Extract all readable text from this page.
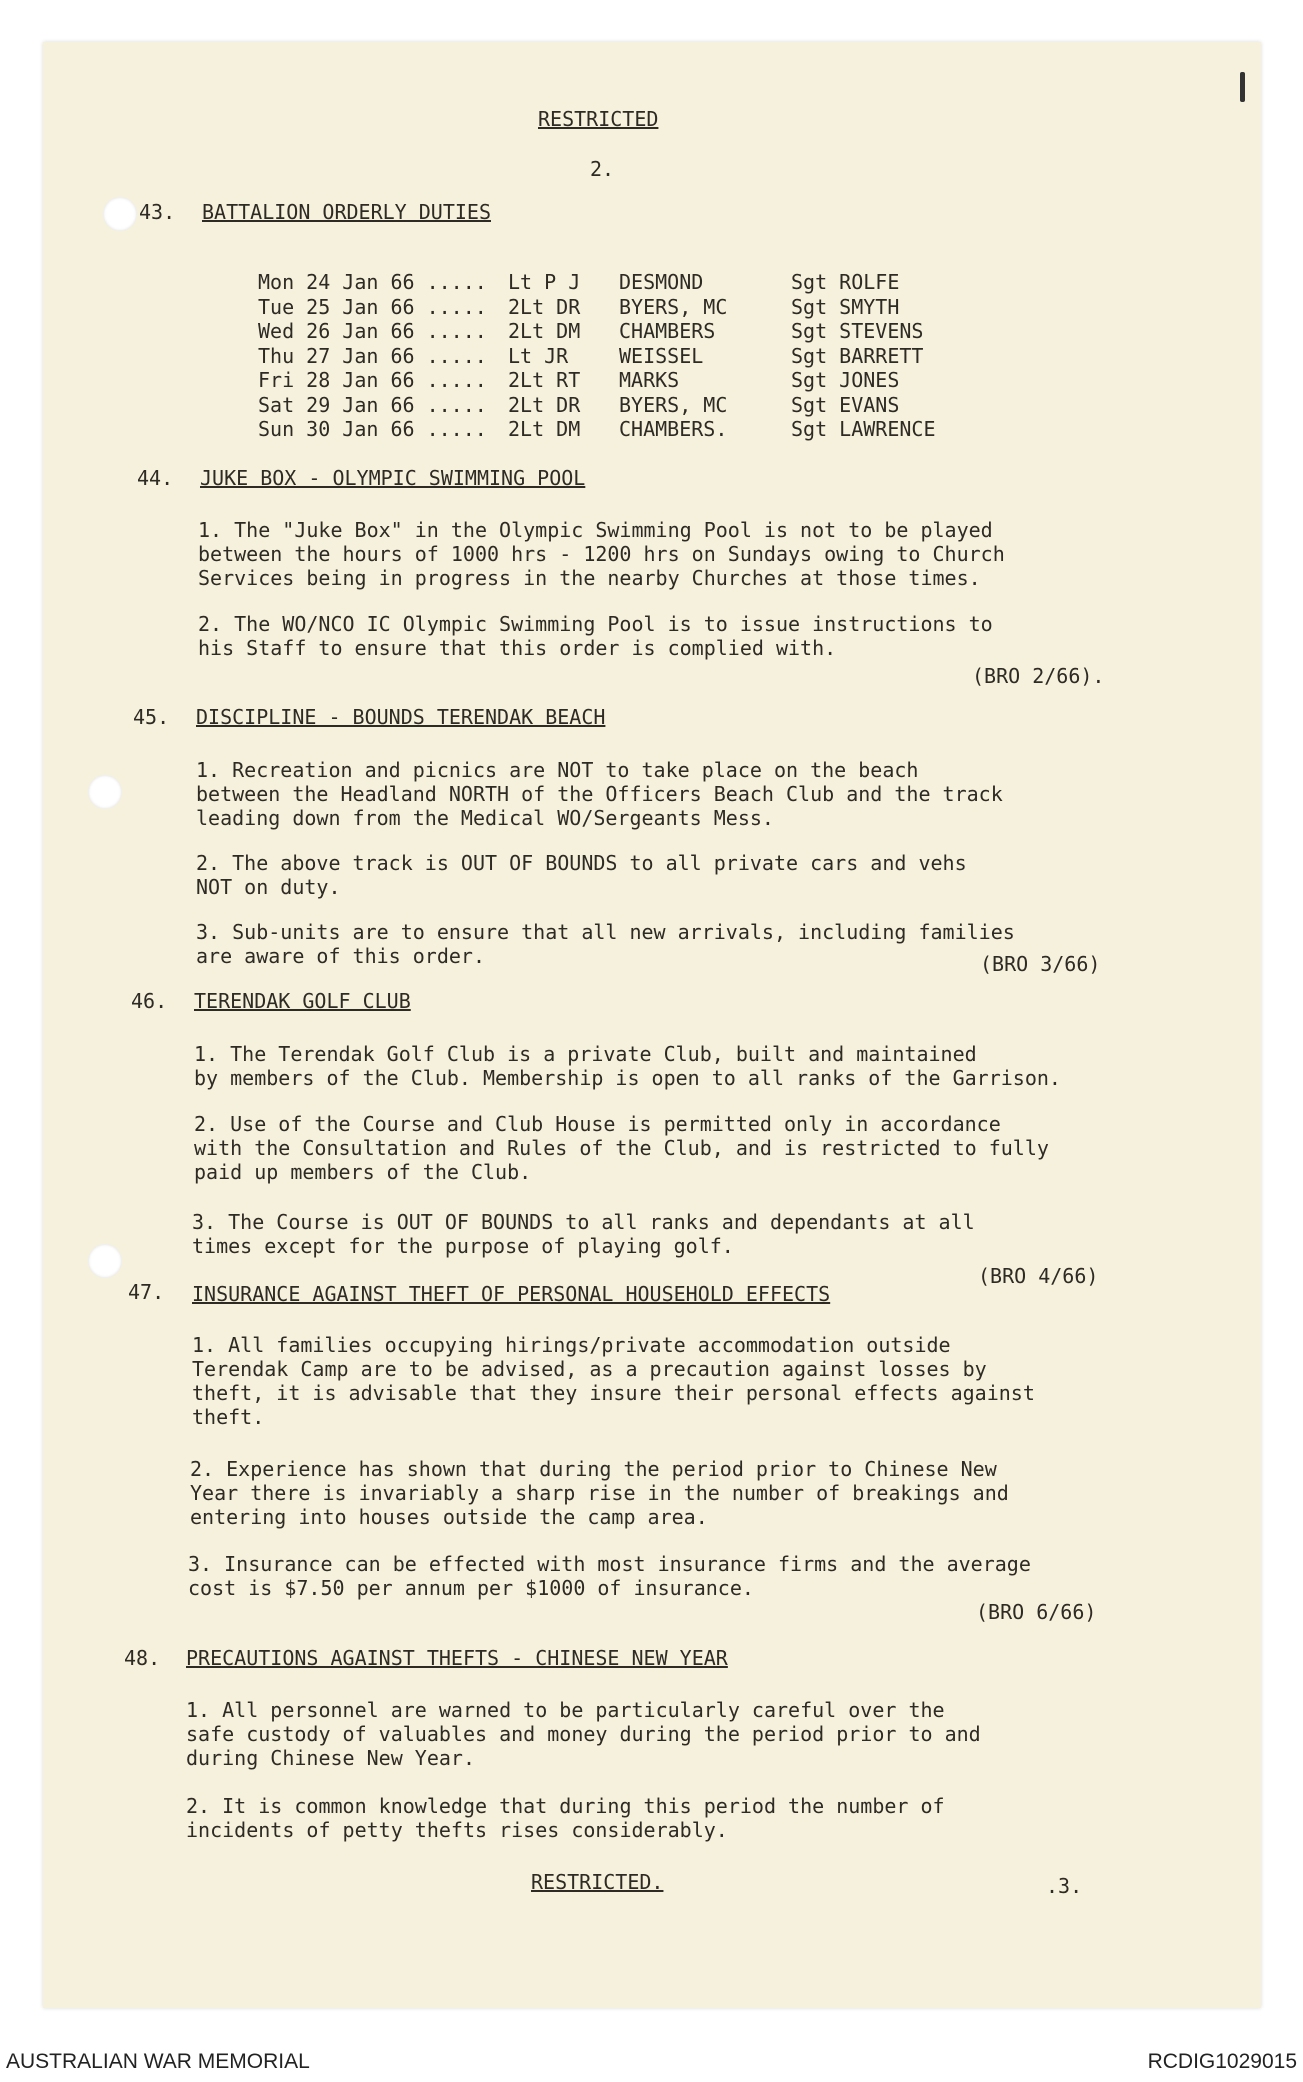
RESTRICTED
2.
43. BATTALION ORDERLY DUTIES
Mon 24 Jan 66 ..... Lt P J DESMOND	Sgt ROLFE
Tue 25 Jan 66 ..... 2Lt DR BYERS, MC	Sgt SMYTH
Wed 26 Jan 66 ..... 2Lt DM CHAMBERS	Sgt STEVENS
Thu 27 Jan 66 ..... Lt JR	WEISSEL	Sgt BARRETT
Fri 28 Jan 66 ..... 2Lt RT MARKS	Sgt JONES
Sat 29 Jan 66 ..... 2Lt DR BYERS, MC	Sgt EVANS
Sun 30 Jan 66 ..... 2Lt DM CHAMBERS.	Sgt LAWRENCE
44. JUKE BOX - OLYMPIC SWIMMING POOL
1. The "Juke Box" in the Olympic Swimming Pool is not to be played
between the hours of 1000 hrs - 1200 hrs on Sundays owing to Church
Services being in progress in the nearby Churches at those times.
2. The WO/NCO IC Olympic Swimming Pool is to issue instructions to
his Staff to ensure that this order is complied with.
(BRO 2/66).
45. DISCIPLINE - BOUNDS TERENDAK BEACH
1. Recreation and picnics are NOT to take place on the beach
between the Headland NORTH of the Officers Beach Club and the track
leading down from the Medical WO/Sergeants Mess.
2. The above track is OUT OF BOUNDS to all private cars and vehs
NOT on duty.
3. Sub-units are to ensure that all new arrivals, including families
are aware of this order.	(BRO 3/66)
46. TERENDAK GOLF CLUB
1. The Terendak Golf Club is a private Club, built and maintained
by members of the Club. Membership is open to all ranks of the Garrison.
2. Use of the Course and Club House is permitted only in accordance
with the Consultation and Rules of the Club, and is restricted to fully
paid up members of the Club.
3. The Course is OUT OF BOUNDS to all ranks and dependants at all
times except for the purpose of playing golf.
(BRO 4/66)
47. INSURANCE AGAINST THEFT OF PERSONAL HOUSEHOLD EFFECTS
1. All families occupying hirings/private accommodation outside
Terendak Camp are to be advised, as a precaution against losses by
theft, it is advisable that they insure their personal effects against
theft.
2. Experience has shown that during the period prior to Chinese New
Year there is invariably a sharp rise in the number of breakings and
entering into houses outside the camp area.
3. Insurance can be effected with most insurance firms and the average
cost is $7.50 per annum per $1000 of insurance.
(BRO 6/66)
48. PRECAUTIONS AGAINST THEFTS - CHINESE NEW YEAR
1. All personnel are warned to be particularly careful over the
safe custody of valuables and money during the period prior to and
during Chinese New Year.
2. It is common knowledge that during this period the number of
incidents of petty thefts rises considerably.
RESTRICTED.	.3.
AUSTRALIAN WAR MEMORIAL	RCDIG1029015
